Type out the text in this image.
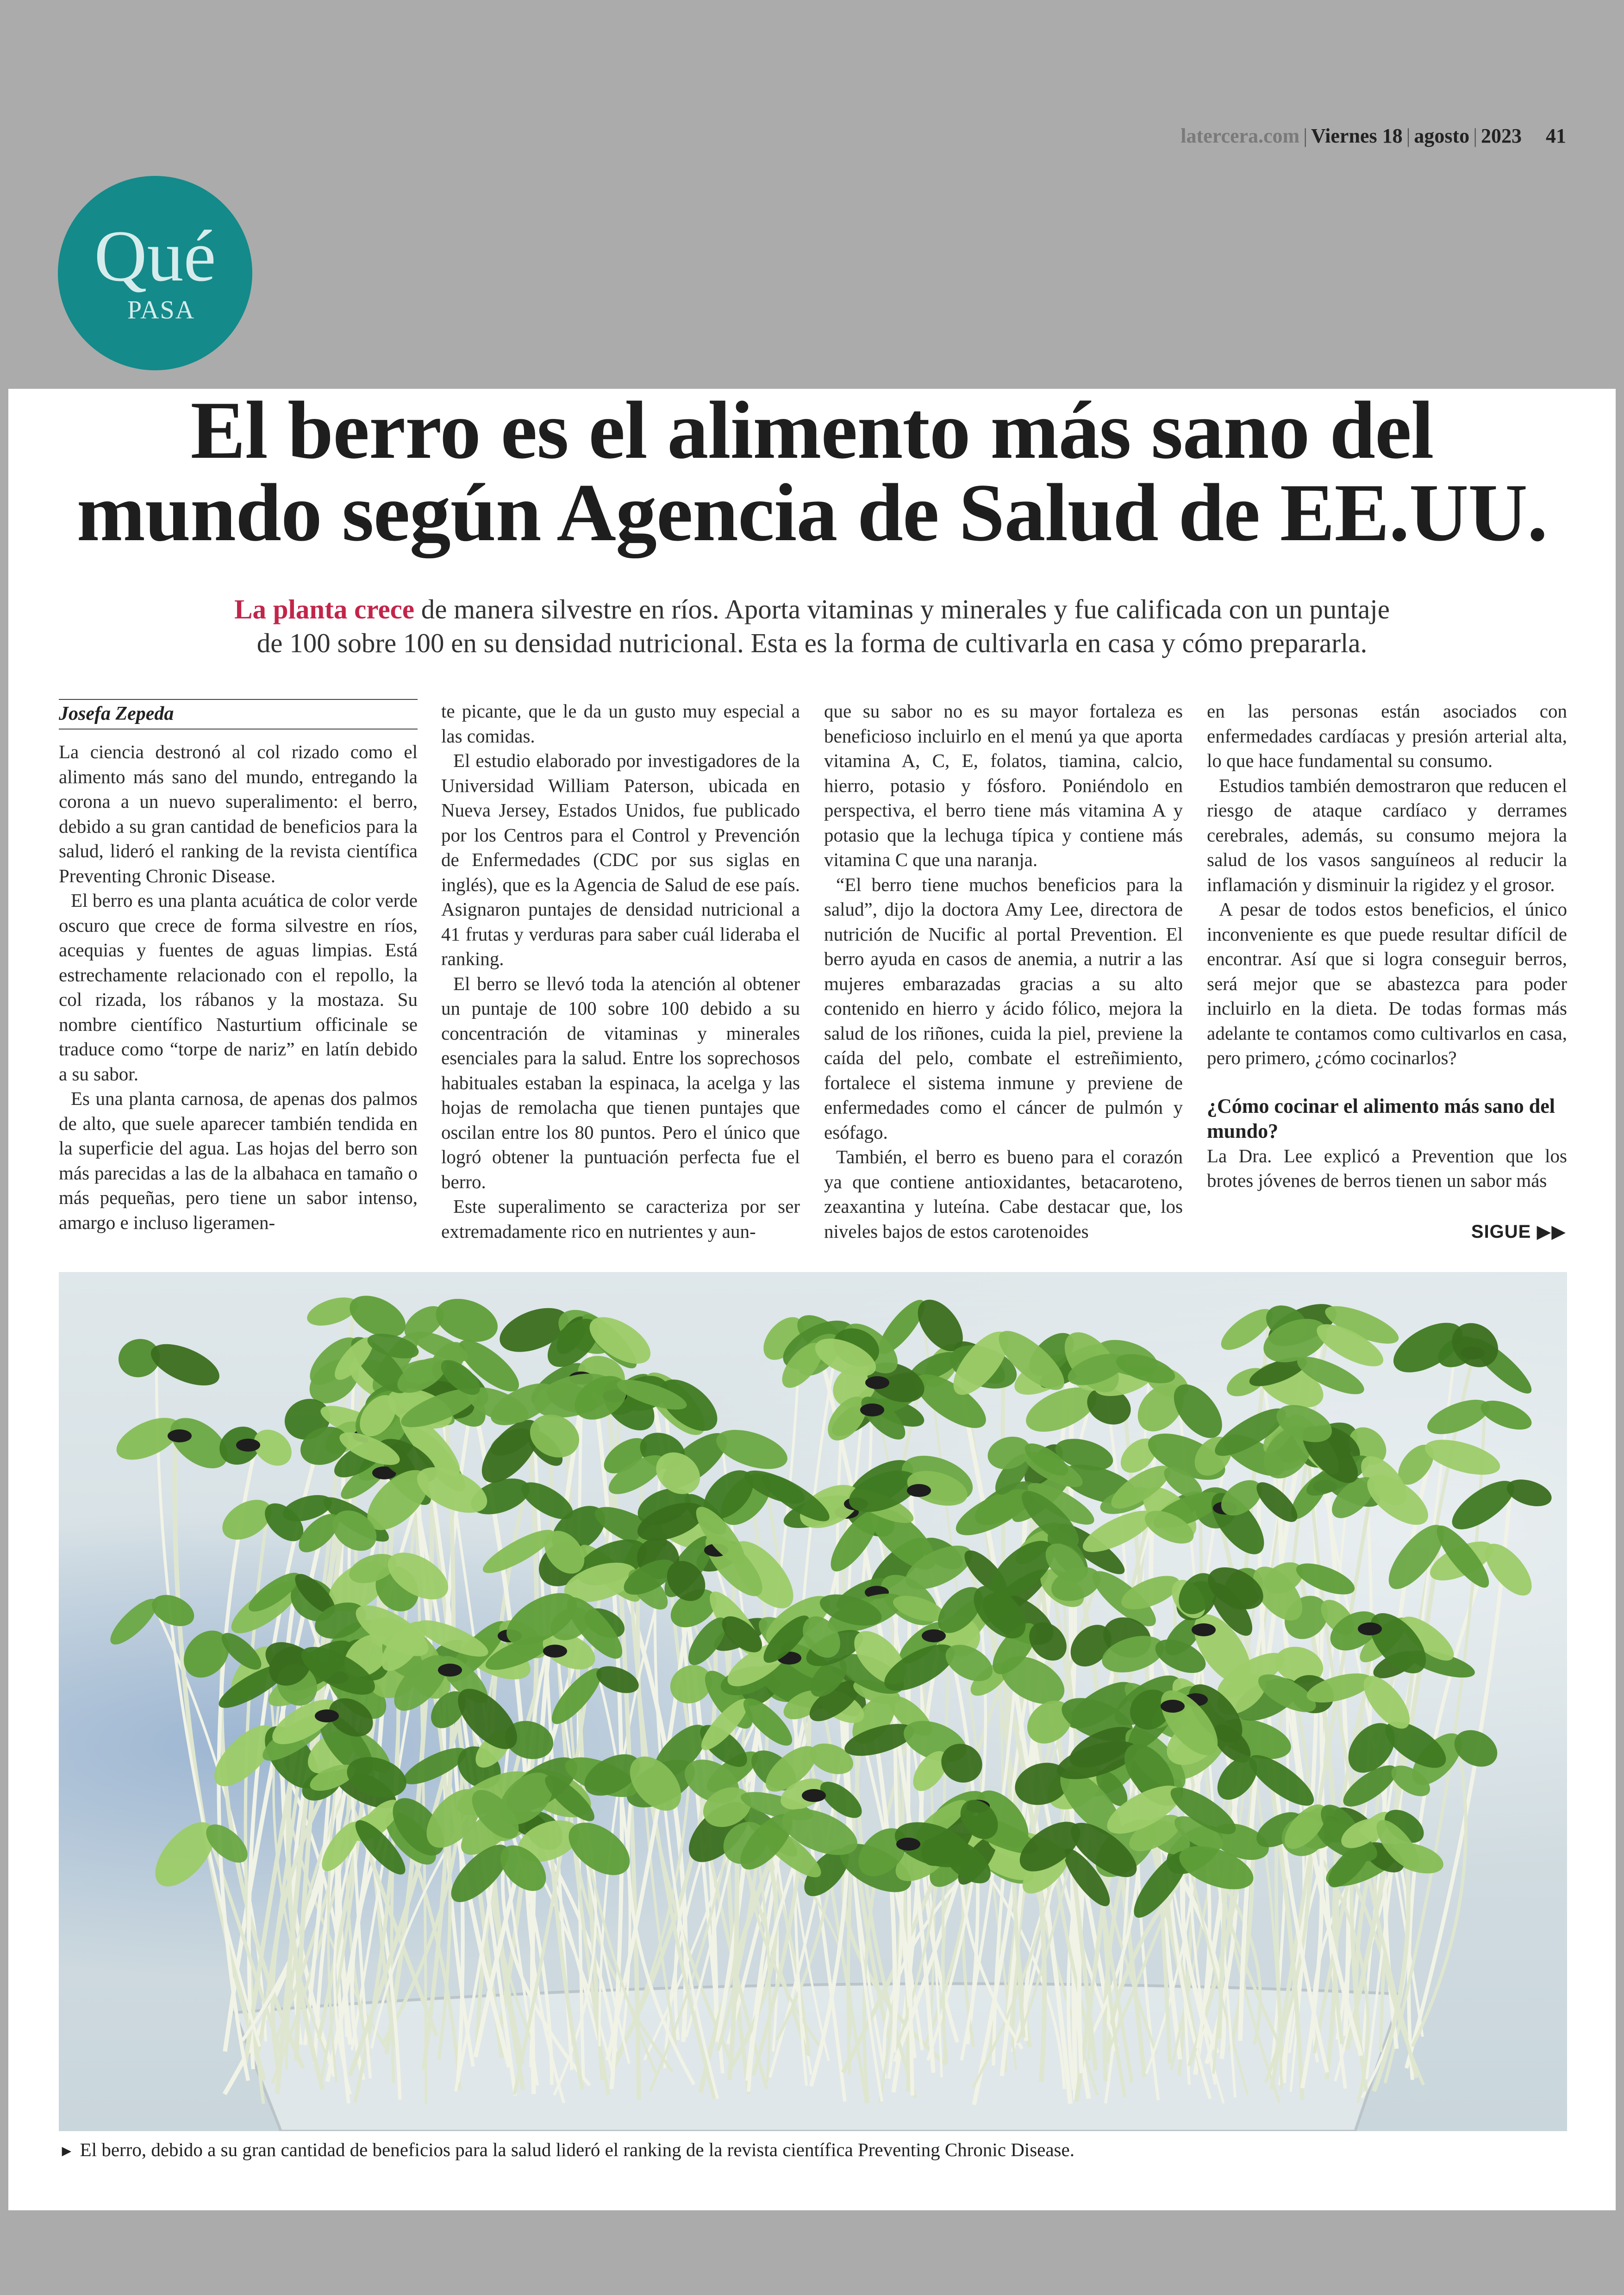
latercera.com | Viernes 18 | agosto | 2023 41
Qué
PASA
El berro es el alimento más sano del
mundo según Agencia de Salud de EE.UU.

La planta crece de manera silvestre en ríos. Aporta vitaminas y minerales y fue calificada con un puntaje
de 100 sobre 100 en su densidad nutricional. Esta es la forma de cultivarla en casa y cómo prepararla.

Josefa Zepeda

La ciencia destronó al col rizado como el alimento más sano del mundo, entregando la corona a un nuevo superalimento: el berro, debido a su gran cantidad de beneficios para la salud, lideró el ranking de la revista científica Preventing Chronic Disease.

El berro es una planta acuática de color verde oscuro que crece de forma silvestre en ríos, acequias y fuentes de aguas limpias. Está estrechamente relacionado con el repollo, la col rizada, los rábanos y la mostaza. Su nombre científico Nasturtium officinale se traduce como “torpe de nariz” en latín debido a su sabor.

Es una planta carnosa, de apenas dos palmos de alto, que suele aparecer también tendida en la superficie del agua. Las hojas del berro son más parecidas a las de la albahaca en tamaño o más pequeñas, pero tiene un sabor intenso, amargo e incluso ligeramen-

te picante, que le da un gusto muy especial a las comidas.

El estudio elaborado por investigadores de la Universidad William Paterson, ubicada en Nueva Jersey, Estados Unidos, fue publicado por los Centros para el Control y Prevención de Enfermedades (CDC por sus siglas en inglés), que es la Agencia de Salud de ese país. Asignaron puntajes de densidad nutricional a 41 frutas y verduras para saber cuál lideraba el ranking.

El berro se llevó toda la atención al obtener un puntaje de 100 sobre 100 debido a su concentración de vitaminas y minerales esenciales para la salud. Entre los soprechosos habituales estaban la espinaca, la acelga y las hojas de remolacha que tienen puntajes que oscilan entre los 80 puntos. Pero el único que logró obtener la puntuación perfecta fue el berro.

Este superalimento se caracteriza por ser extremadamente rico en nutrientes y aun-

que su sabor no es su mayor fortaleza es beneficioso incluirlo en el menú ya que aporta vitamina A, C, E, folatos, tiamina, calcio, hierro, potasio y fósforo. Poniéndolo en perspectiva, el berro tiene más vitamina A y potasio que la lechuga típica y contiene más vitamina C que una naranja.

“El berro tiene muchos beneficios para la salud”, dijo la doctora Amy Lee, directora de nutrición de Nucific al portal Prevention. El berro ayuda en casos de anemia, a nutrir a las mujeres embarazadas gracias a su alto contenido en hierro y ácido fólico, mejora la salud de los riñones, cuida la piel, previene la caída del pelo, combate el estreñimiento, fortalece el sistema inmune y previene de enfermedades como el cáncer de pulmón y esófago.

También, el berro es bueno para el corazón ya que contiene antioxidantes, betacaroteno, zeaxantina y luteína. Cabe destacar que, los niveles bajos de estos carotenoides

en las personas están asociados con enfermedades cardíacas y presión arterial alta, lo que hace fundamental su consumo.

Estudios también demostraron que reducen el riesgo de ataque cardíaco y derrames cerebrales, además, su consumo mejora la salud de los vasos sanguíneos al reducir la inflamación y disminuir la rigidez y el grosor.

A pesar de todos estos beneficios, el único inconveniente es que puede resultar difícil de encontrar. Así que si logra conseguir berros, será mejor que se abastezca para poder incluirlo en la dieta. De todas formas más adelante te contamos como cultivarlos en casa, pero primero, ¿cómo cocinarlos?

¿Cómo cocinar el alimento más sano del mundo?

La Dra. Lee explicó a Prevention que los brotes jóvenes de berros tienen un sabor más

SIGUE ▶▶

► El berro, debido a su gran cantidad de beneficios para la salud lideró el ranking de la revista científica Preventing Chronic Disease.
